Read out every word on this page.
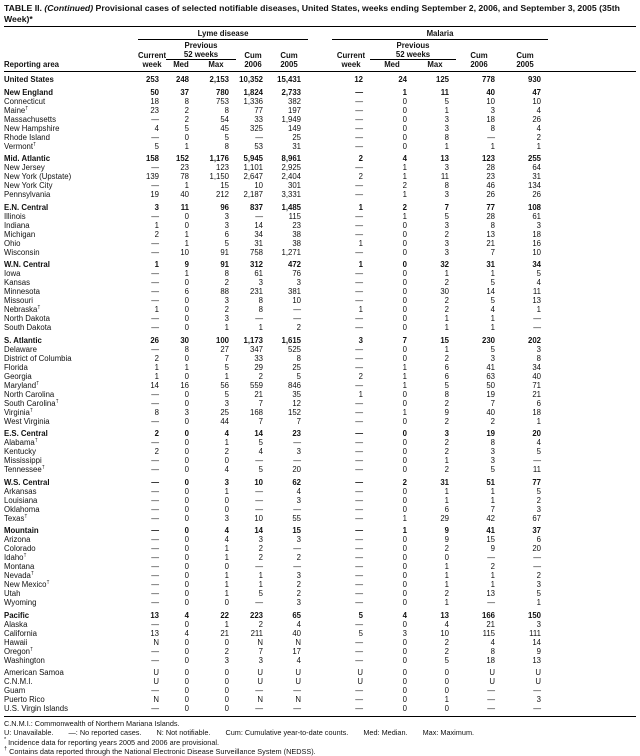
TABLE II. (Continued) Provisional cases of selected notifiable diseases, United States, weeks ending September 2, 2006, and September 3, 2005 (35th Week)*
	Lyme disease						Malaria					
		Previous						Previous				
	Current	52 weeks		Cum	Cum		Current	52 weeks		Cum	Cum	
Reporting area	week	Med	Max	2006	2005		week	Med	Max	2006	2005	
United States	253	248	2,153	10,352	15,431		12	24	125	778	930	
New England	50	37	780	1,824	2,733		—	1	11	40	47	
Connecticut	18	8	753	1,336	382		—	0	5	10	10	
Maine†	23	2	8	77	197		—	0	1	3	4	
Massachusetts	—	2	54	33	1,949		—	0	3	18	26	
New Hampshire	4	5	45	325	149		—	0	3	8	4	
Rhode Island	—	0	5	—	25		—	0	8	—	2	
Vermont†	5	1	8	53	31		—	0	1	1	1	
Mid. Atlantic	158	152	1,176	5,945	8,961		2	4	13	123	255	
New Jersey	—	23	123	1,101	2,925		—	1	3	28	64	
New York (Upstate)	139	78	1,150	2,647	2,404		2	1	11	23	31	
New York City	—	1	15	10	301		—	2	8	46	134	
Pennsylvania	19	40	212	2,187	3,331		—	1	3	26	26	
E.N. Central	3	11	96	837	1,485		1	2	7	77	108	
Illinois	—	0	3	—	115		—	1	5	28	61	
Indiana	1	0	3	14	23		—	0	3	8	3	
Michigan	2	1	6	34	38		—	0	2	13	18	
Ohio	—	1	5	31	38		1	0	3	21	16	
Wisconsin	—	10	91	758	1,271		—	0	3	7	10	
W.N. Central	1	9	91	312	472		1	0	32	31	34	
Iowa	—	1	8	61	76		—	0	1	1	5	
Kansas	—	0	2	3	3		—	0	2	5	4	
Minnesota	—	6	88	231	381		—	0	30	14	11	
Missouri	—	0	3	8	10		—	0	2	5	13	
Nebraska†	1	0	2	8	—		1	0	2	4	1	
North Dakota	—	0	3	—	—		—	0	1	1	—	
South Dakota	—	0	1	1	2		—	0	1	1	—	
S. Atlantic	26	30	100	1,173	1,615		3	7	15	230	202	
Delaware	—	8	27	347	525		—	0	1	5	3	
District of Columbia	2	0	7	33	8		—	0	2	3	8	
Florida	1	1	5	29	25		—	1	6	41	34	
Georgia	1	0	1	2	5		2	1	6	63	40	
Maryland†	14	16	56	559	846		—	1	5	50	71	
North Carolina	—	0	5	21	35		1	0	8	19	21	
South Carolina†	—	0	3	7	12		—	0	2	7	6	
Virginia†	8	3	25	168	152		—	1	9	40	18	
West Virginia	—	0	44	7	7		—	0	2	2	1	
E.S. Central	2	0	4	14	23		—	0	3	19	20	
Alabama†	—	0	1	5	—		—	0	2	8	4	
Kentucky	2	0	2	4	3		—	0	2	3	5	
Mississippi	—	0	0	—	—		—	0	1	3	—	
Tennessee†	—	0	4	5	20		—	0	2	5	11	
W.S. Central	—	0	3	10	62		—	2	31	51	77	
Arkansas	—	0	1	—	4		—	0	1	1	5	
Louisiana	—	0	0	—	3		—	0	1	1	2	
Oklahoma	—	0	0	—	—		—	0	6	7	3	
Texas†	—	0	3	10	55		—	1	29	42	67	
Mountain	—	0	4	14	15		—	1	9	41	37	
Arizona	—	0	4	3	3		—	0	9	15	6	
Colorado	—	0	1	2	—		—	0	2	9	20	
Idaho†	—	0	1	2	2		—	0	0	—	—	
Montana	—	0	0	—	—		—	0	1	2	—	
Nevada†	—	0	1	1	3		—	0	1	1	2	
New Mexico†	—	0	1	1	2		—	0	1	1	3	
Utah	—	0	1	5	2		—	0	2	13	5	
Wyoming	—	0	0	—	3		—	0	1	—	1	
Pacific	13	4	22	223	65		5	4	13	166	150	
Alaska	—	0	1	2	4		—	0	4	21	3	
California	13	4	21	211	40		5	3	10	115	111	
Hawaii	N	0	0	N	N		—	0	2	4	14	
Oregon†	—	0	2	7	17		—	0	2	8	9	
Washington	—	0	3	3	4		—	0	5	18	13	
American Samoa	U	0	0	U	U		U	0	0	U	U	
C.N.M.I.	U	0	0	U	U		U	0	0	U	U	
Guam	—	0	0	—	—		—	0	0	—	—	
Puerto Rico	N	0	0	N	N		—	0	1	—	3	
U.S. Virgin Islands	—	0	0	—	—		—	0	0	—	—	
C.N.M.I.: Commonwealth of Northern Mariana Islands.
U: Unavailable. —: No reported cases. N: Not notifiable. Cum: Cumulative year-to-date counts. Med: Median. Max: Maximum.
* Incidence data for reporting years 2005 and 2006 are provisional.
† Contains data reported through the National Electronic Disease Surveillance System (NEDSS).
